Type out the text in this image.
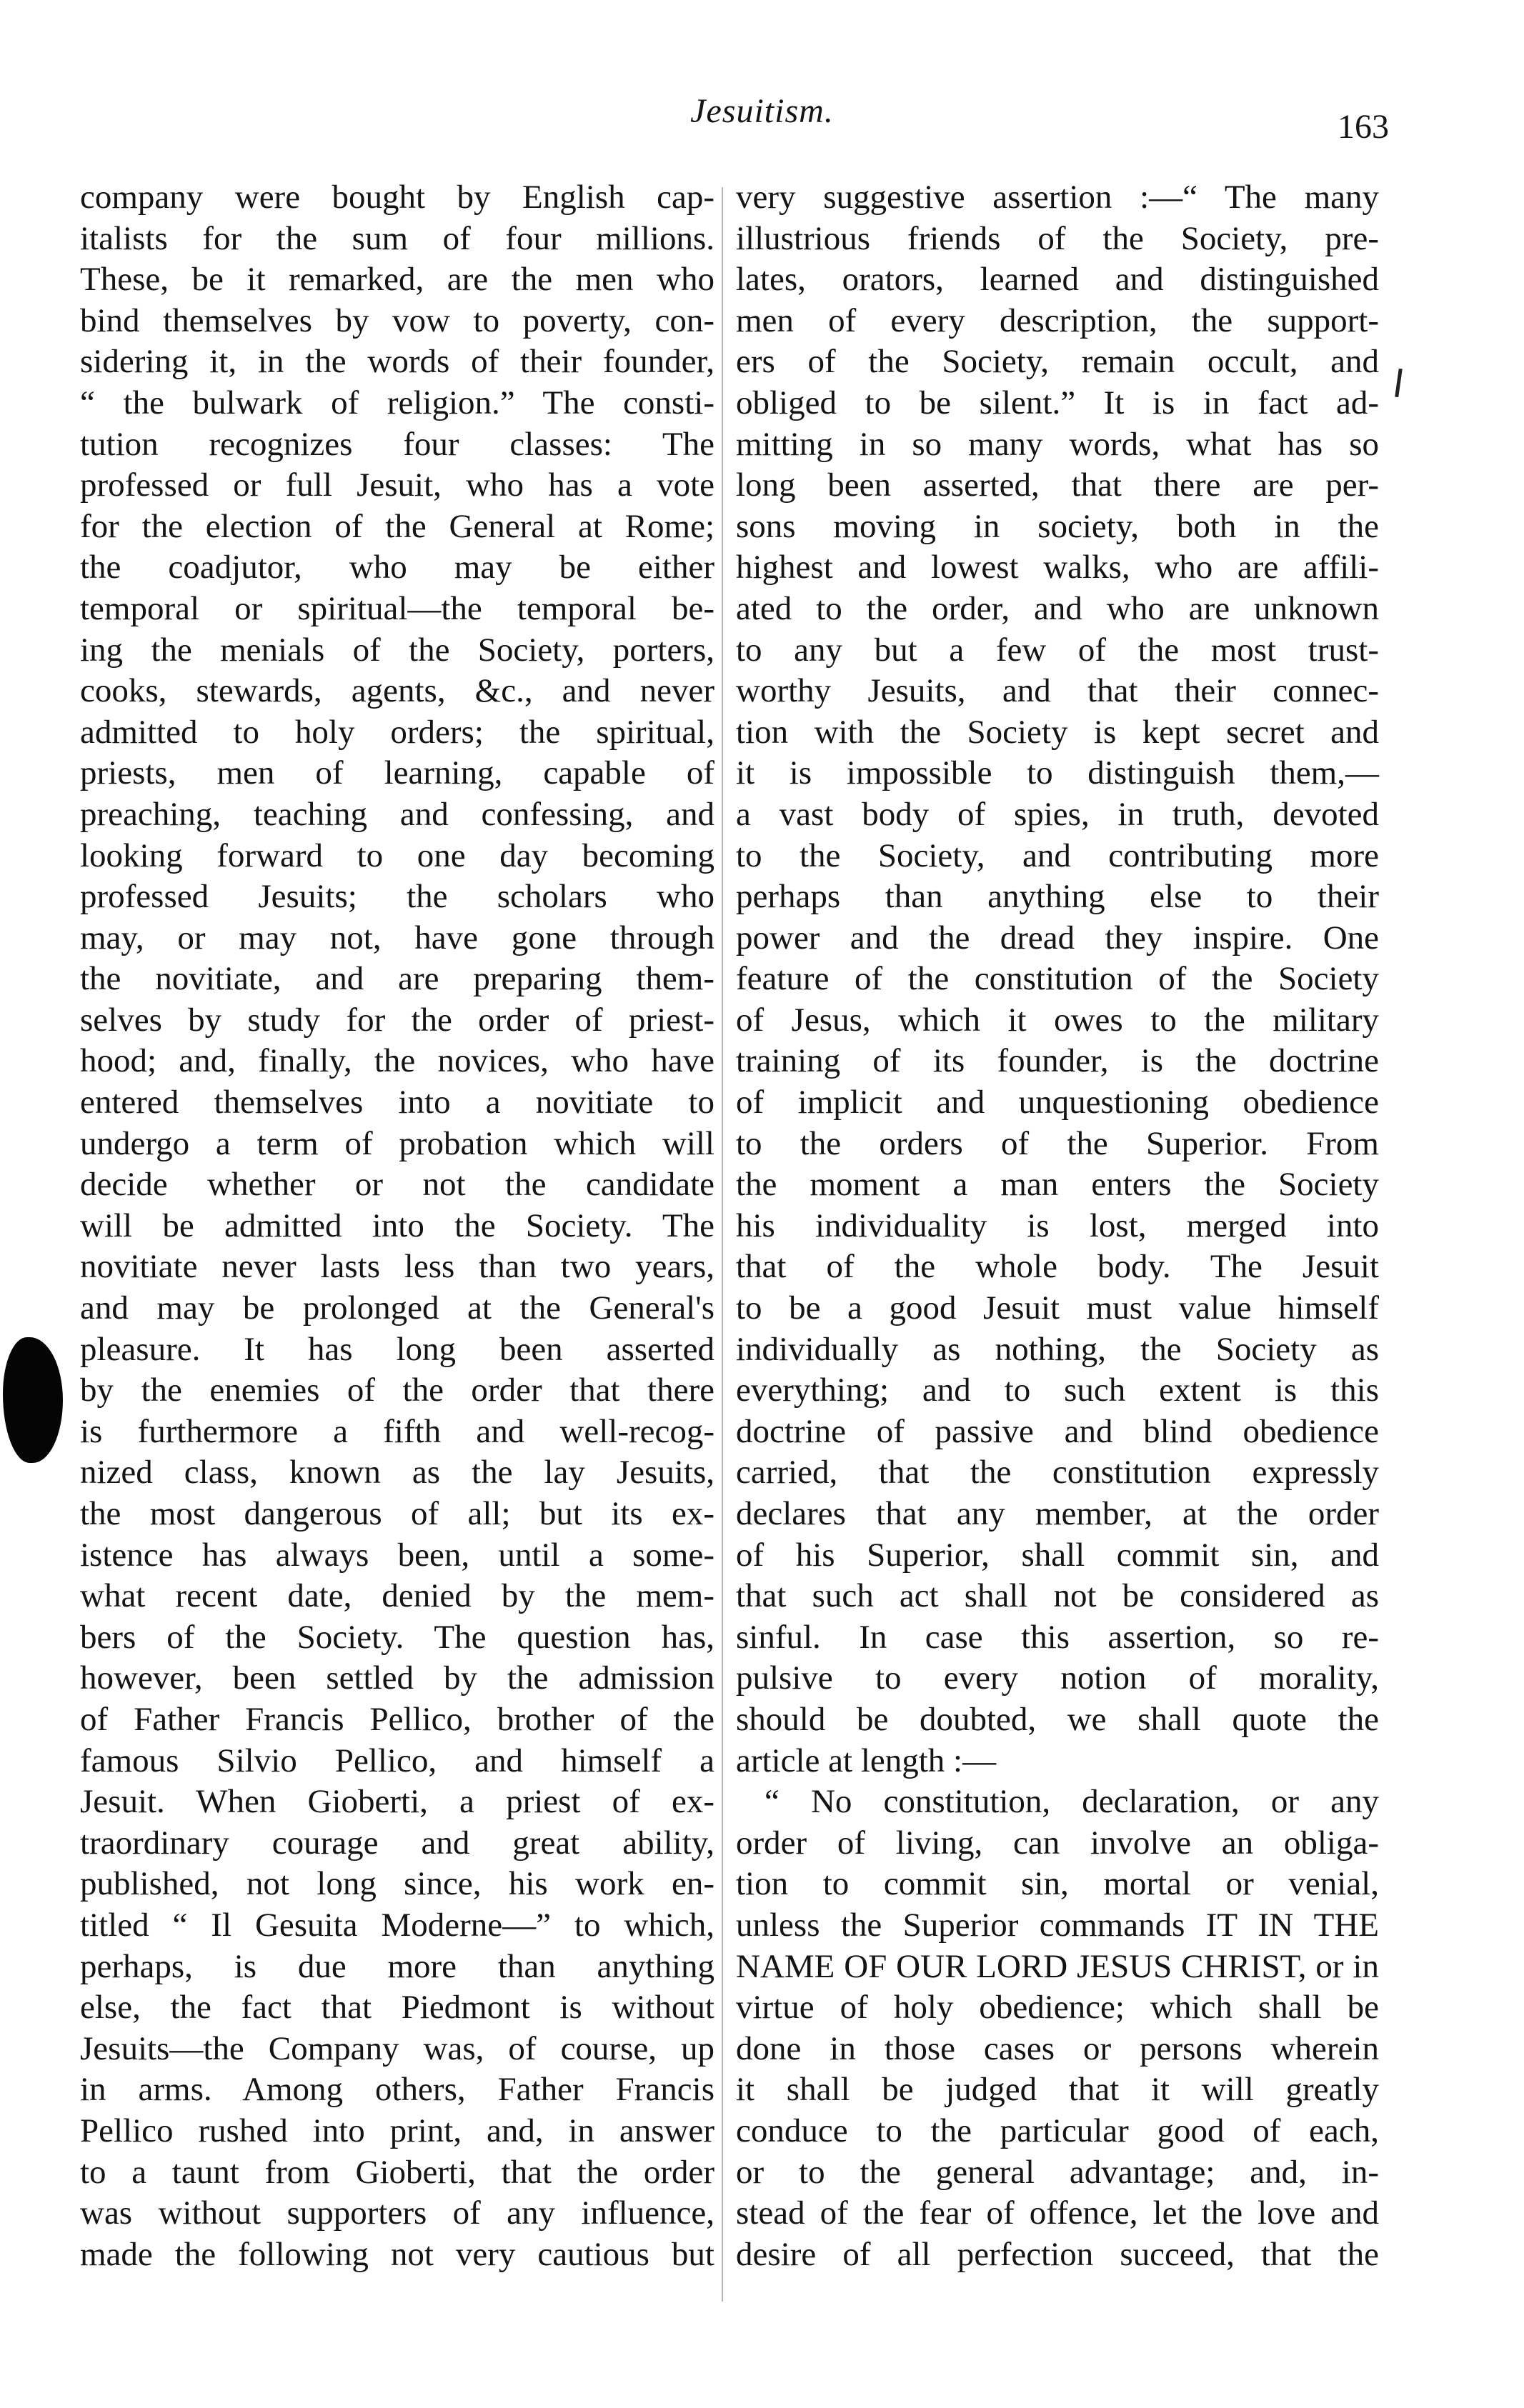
Jesuitism.	163
company were bought by English cap-
italists for the sum of four millions.
These, be it remarked, are the men who
bind themselves by vow to poverty, con-
sidering it, in the words of their founder,
“ the bulwark of religion.” The consti-
tution recognizes four classes: The
professed or full Jesuit, who has a vote
for the election of the General at Rome;
the coadjutor, who may be either
temporal or spiritual—the temporal be-
ing the menials of the Society, porters,
cooks, stewards, agents, &c., and never
admitted to holy orders; the spiritual,
priests, men of learning, capable of
preaching, teaching and confessing, and
looking forward to one day becoming
professed Jesuits; the scholars who
may, or may not, have gone through
the novitiate, and are preparing them-
selves by study for the order of priest-
hood; and, finally, the novices, who have
entered themselves into a novitiate to
undergo a term of probation which will
decide whether or not the candidate
will be admitted into the Society. The
novitiate never lasts less than two years,
and may be prolonged at the General's
pleasure. It has long been asserted
by the enemies of the order that there
is furthermore a fifth and well-recog-
nized class, known as the lay Jesuits,
the most dangerous of all; but its ex-
istence has always been, until a some-
what recent date, denied by the mem-
bers of the Society. The question has,
however, been settled by the admission
of Father Francis Pellico, brother of the
famous Silvio Pellico, and himself a
Jesuit. When Gioberti, a priest of ex-
traordinary courage and great ability,
published, not long since, his work en-
titled “ Il Gesuita Moderne—” to which,
perhaps, is due more than anything
else, the fact that Piedmont is without
Jesuits—the Company was, of course, up
in arms. Among others, Father Francis
Pellico rushed into print, and, in answer
to a taunt from Gioberti, that the order
was without supporters of any influence,
made the following not very cautious but
very suggestive assertion :—“ The many
illustrious friends of the Society, pre-
lates, orators, learned and distinguished
men of every description, the support-
ers of the Society, remain occult, and
obliged to be silent.” It is in fact ad-
mitting in so many words, what has so
long been asserted, that there are per-
sons moving in society, both in the
highest and lowest walks, who are affili-
ated to the order, and who are unknown
to any but a few of the most trust-
worthy Jesuits, and that their connec-
tion with the Society is kept secret and
it is impossible to distinguish them,—
a vast body of spies, in truth, devoted
to the Society, and contributing more
perhaps than anything else to their
power and the dread they inspire. One
feature of the constitution of the Society
of Jesus, which it owes to the military
training of its founder, is the doctrine
of implicit and unquestioning obedience
to the orders of the Superior. From
the moment a man enters the Society
his individuality is lost, merged into
that of the whole body. The Jesuit
to be a good Jesuit must value himself
individually as nothing, the Society as
everything; and to such extent is this
doctrine of passive and blind obedience
carried, that the constitution expressly
declares that any member, at the order
of his Superior, shall commit sin, and
that such act shall not be considered as
sinful. In case this assertion, so re-
pulsive to every notion of morality,
should be doubted, we shall quote the
article at length :—
“ No constitution, declaration, or any
order of living, can involve an obliga-
tion to commit sin, mortal or venial,
unless the Superior commands IT IN THE
NAME OF OUR LORD JESUS CHRIST, or in
virtue of holy obedience; which shall be
done in those cases or persons wherein
it shall be judged that it will greatly
conduce to the particular good of each,
or to the general advantage; and, in-
stead of the fear of offence, let the love and
desire of all perfection succeed, that the
